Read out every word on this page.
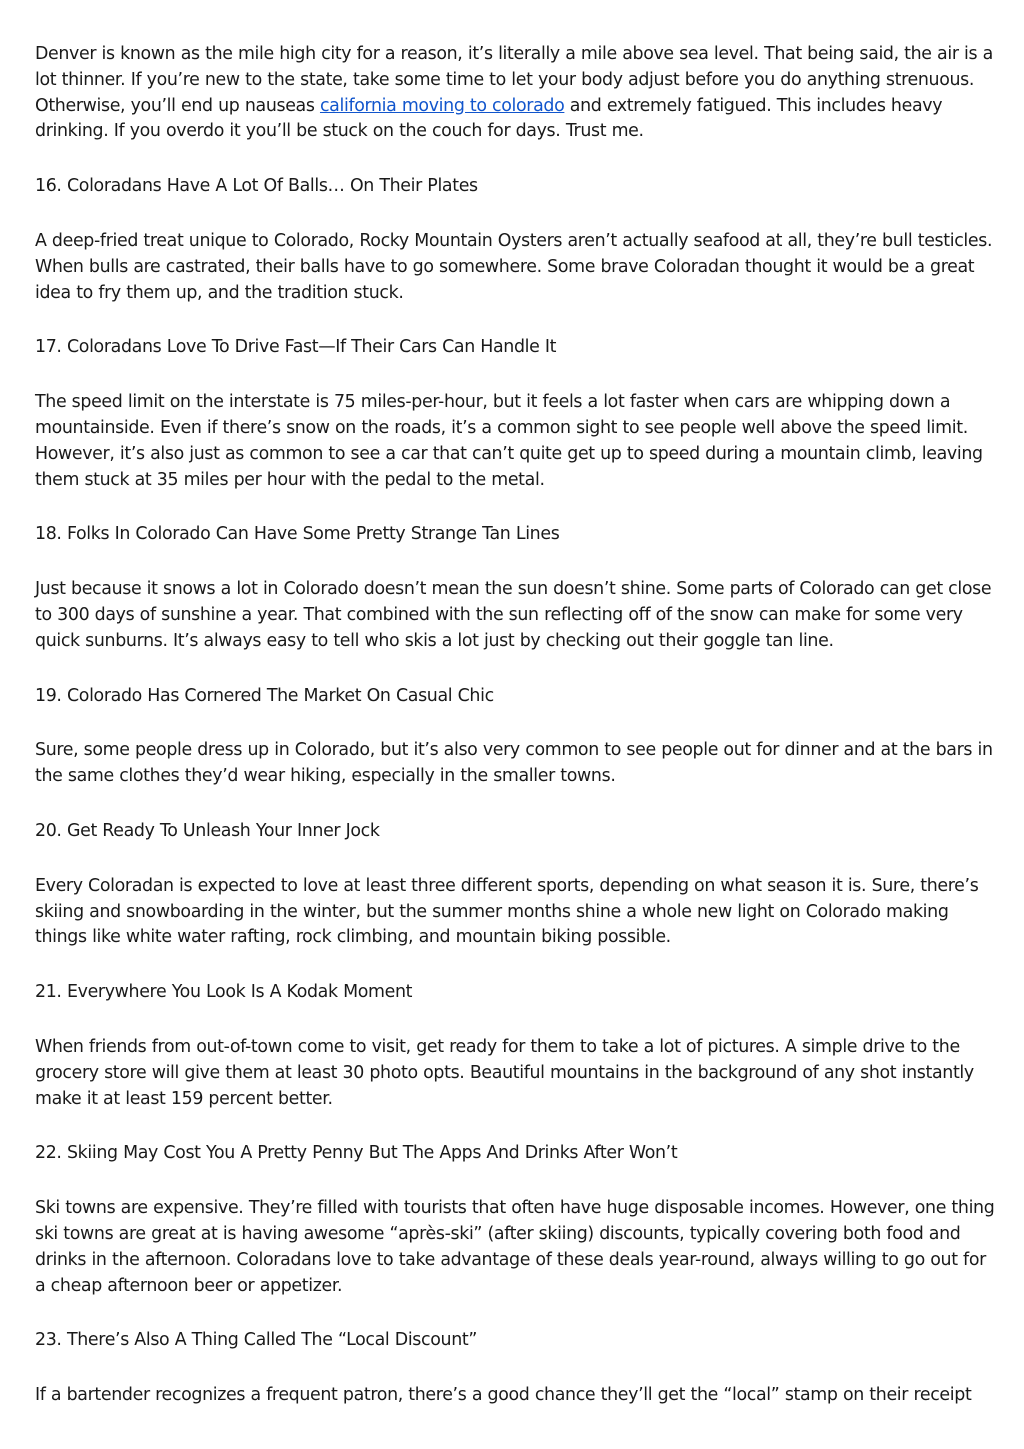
Denver is known as the mile high city for a reason, it’s literally a mile above sea level. That being said, the air is a lot thinner. If you’re new to the state, take some time to let your body adjust before you do anything strenuous. Otherwise, you’ll end up nauseas california moving to colorado and extremely fatigued. This includes heavy drinking. If you overdo it you’ll be stuck on the couch for days. Trust me.

16. Coloradans Have A Lot Of Balls… On Their Plates

A deep-fried treat unique to Colorado, Rocky Mountain Oysters aren’t actually seafood at all, they’re bull testicles. When bulls are castrated, their balls have to go somewhere. Some brave Coloradan thought it would be a great idea to fry them up, and the tradition stuck.

17. Coloradans Love To Drive Fast—If Their Cars Can Handle It

The speed limit on the interstate is 75 miles-per-hour, but it feels a lot faster when cars are whipping down a mountainside. Even if there’s snow on the roads, it’s a common sight to see people well above the speed limit. However, it’s also just as common to see a car that can’t quite get up to speed during a mountain climb, leaving them stuck at 35 miles per hour with the pedal to the metal.

18. Folks In Colorado Can Have Some Pretty Strange Tan Lines

Just because it snows a lot in Colorado doesn’t mean the sun doesn’t shine. Some parts of Colorado can get close to 300 days of sunshine a year. That combined with the sun reflecting off of the snow can make for some very quick sunburns. It’s always easy to tell who skis a lot just by checking out their goggle tan line.

19. Colorado Has Cornered The Market On Casual Chic

Sure, some people dress up in Colorado, but it’s also very common to see people out for dinner and at the bars in the same clothes they’d wear hiking, especially in the smaller towns.

20. Get Ready To Unleash Your Inner Jock

Every Coloradan is expected to love at least three different sports, depending on what season it is. Sure, there’s skiing and snowboarding in the winter, but the summer months shine a whole new light on Colorado making things like white water rafting, rock climbing, and mountain biking possible.

21. Everywhere You Look Is A Kodak Moment

When friends from out-of-town come to visit, get ready for them to take a lot of pictures. A simple drive to the grocery store will give them at least 30 photo opts. Beautiful mountains in the background of any shot instantly make it at least 159 percent better.

22. Skiing May Cost You A Pretty Penny But The Apps And Drinks After Won’t

Ski towns are expensive. They’re filled with tourists that often have huge disposable incomes. However, one thing ski towns are great at is having awesome “après-ski” (after skiing) discounts, typically covering both food and drinks in the afternoon. Coloradans love to take advantage of these deals year-round, always willing to go out for a cheap afternoon beer or appetizer.

23. There’s Also A Thing Called The “Local Discount”

If a bartender recognizes a frequent patron, there’s a good chance they’ll get the “local” stamp on their receipt
